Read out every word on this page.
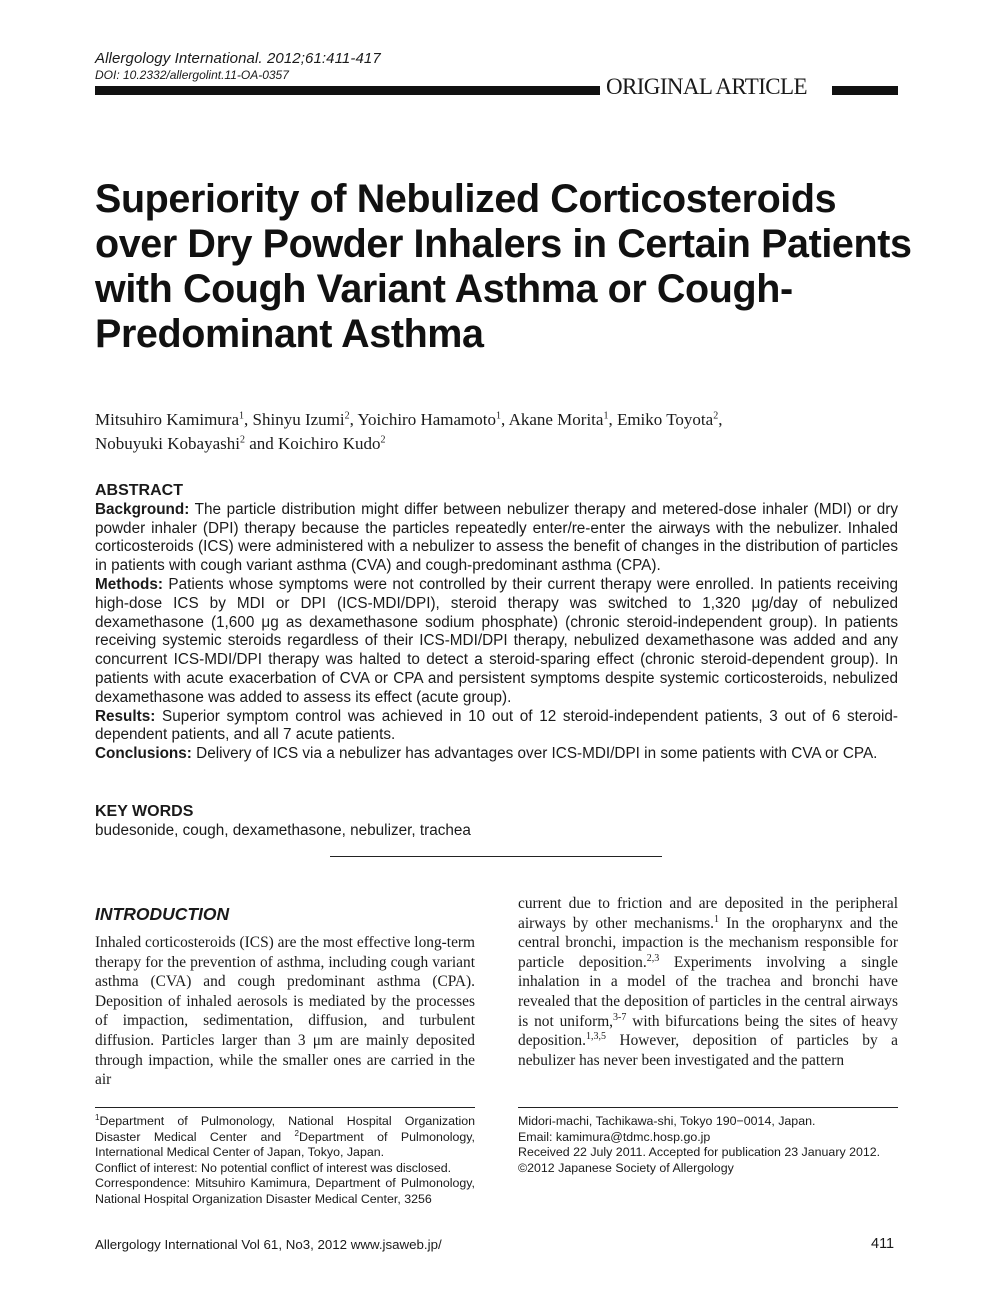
Allergology International. 2012;61:411-417
DOI: 10.2332/allergolint.11-OA-0357	ORIGINAL ARTICLE
Superiority of Nebulized Corticosteroids over Dry Powder Inhalers in Certain Patients with Cough Variant Asthma or Cough-Predominant Asthma
Mitsuhiro Kamimura$^1$, Shinyu Izumi$^2$, Yoichiro Hamamoto$^1$, Akane Morita$^1$, Emiko Toyota$^2$,
Nobuyuki Kobayashi$^2$ and Koichiro Kudo$^2$
ABSTRACT

Background: The particle distribution might differ between nebulizer therapy and metered-dose inhaler (MDI) or dry powder inhaler (DPI) therapy because the particles repeatedly enter/re-enter the airways with the nebulizer. Inhaled corticosteroids (ICS) were administered with a nebulizer to assess the benefit of changes in the distribution of particles in patients with cough variant asthma (CVA) and cough-predominant asthma (CPA).

Methods: Patients whose symptoms were not controlled by their current therapy were enrolled. In patients receiving high-dose ICS by MDI or DPI (ICS-MDI/DPI), steroid therapy was switched to 1,320 μg/day of nebulized dexamethasone (1,600 μg as dexamethasone sodium phosphate) (chronic steroid-independent group). In patients receiving systemic steroids regardless of their ICS-MDI/DPI therapy, nebulized dexamethasone was added and any concurrent ICS-MDI/DPI therapy was halted to detect a steroid-sparing effect (chronic steroid-dependent group). In patients with acute exacerbation of CVA or CPA and persistent symptoms despite systemic corticosteroids, nebulized dexamethasone was added to assess its effect (acute group).

Results: Superior symptom control was achieved in 10 out of 12 steroid-independent patients, 3 out of 6 steroid-dependent patients, and all 7 acute patients.

Conclusions: Delivery of ICS via a nebulizer has advantages over ICS-MDI/DPI in some patients with CVA or CPA.

KEY WORDS
budesonide, cough, dexamethasone, nebulizer, trachea
INTRODUCTION
Inhaled corticosteroids (ICS) are the most effective long-term therapy for the prevention of asthma, including cough variant asthma (CVA) and cough predominant asthma (CPA). Deposition of inhaled aerosols is mediated by the processes of impaction, sedimentation, diffusion, and turbulent diffusion. Particles larger than 3 μm are mainly deposited through impaction, while the smaller ones are carried in the air
current due to friction and are deposited in the peripheral airways by other mechanisms.$^1$ In the oropharynx and the central bronchi, impaction is the mechanism responsible for particle deposition.$^{2,3}$ Experiments involving a single inhalation in a model of the trachea and bronchi have revealed that the deposition of particles in the central airways is not uniform,$^{3-7}$ with bifurcations being the sites of heavy deposition.$^{1,3,5}$ However, deposition of particles by a nebulizer has never been investigated and the pattern

$^1$Department of Pulmonology, National Hospital Organization Disaster Medical Center and $^2$Department of Pulmonology, International Medical Center of Japan, Tokyo, Japan.

Conflict of interest: No potential conflict of interest was disclosed.

Correspondence: Mitsuhiro Kamimura, Department of Pulmonology, National Hospital Organization Disaster Medical Center, 3256

Midori-machi, Tachikawa-shi, Tokyo 190−0014, Japan.

Email: kamimura@tdmc.hosp.go.jp

Received 22 July 2011. Accepted for publication 23 January 2012.

©2012 Japanese Society of Allergology

Allergology International Vol 61, No3, 2012 www.jsaweb.jp/	411
